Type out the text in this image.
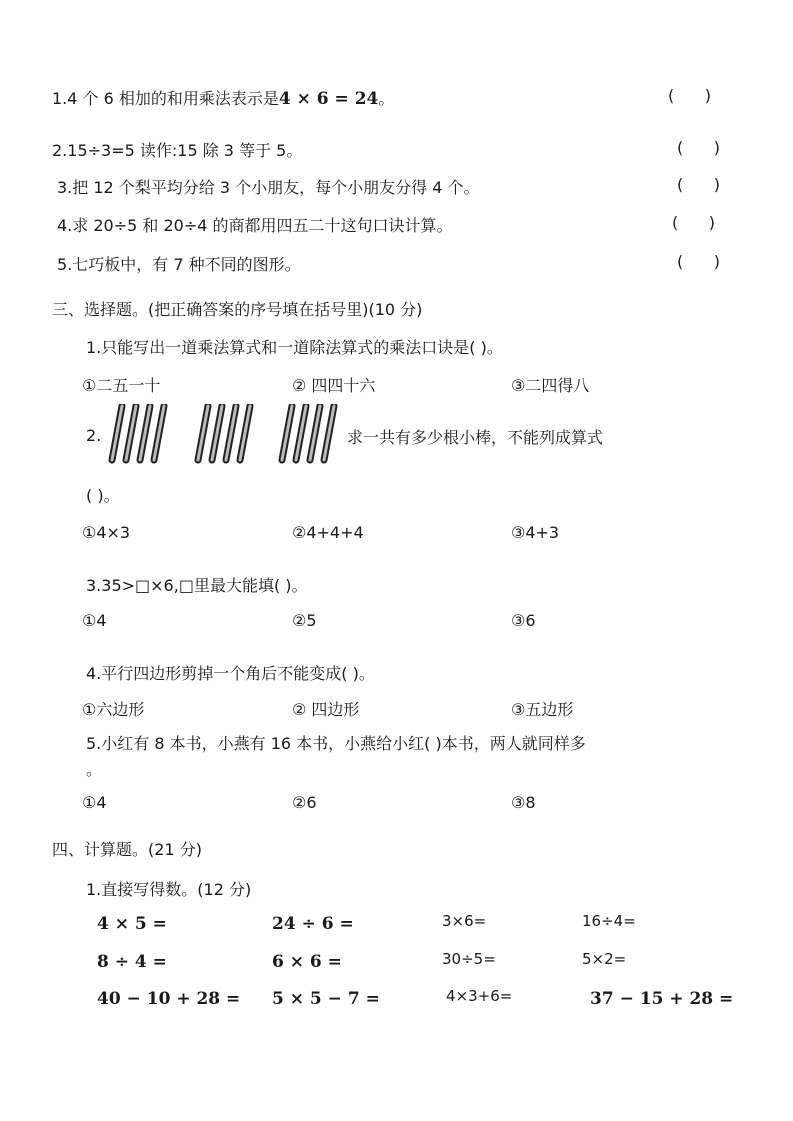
1.4 个 6 相加的和用乘法表示是4 × 6 = 24。	(      )
2.15÷3=5 读作:15 除 3 等于 5。	(      )
3.把 12 个梨平均分给 3 个小朋友，每个小朋友分得 4 个。	(      )
4.求 20÷5 和 20÷4 的商都用四五二十这句口诀计算。	(      )
5.七巧板中，有 7 种不同的图形。	(      )
三、选择题。(把正确答案的序号填在括号里)(10 分)
1.只能写出一道乘法算式和一道除法算式的乘法口诀是( )。
①二五一十	② 四四十六	③二四得八
2.	求一共有多少根小棒，不能列成算式
( )。
①4×3	②4+4+4	③4+3
3.35>□×6,□里最大能填( )。
①4	②5	③6
4.平行四边形剪掉一个角后不能变成( )。
①六边形	② 四边形	③五边形
5.小红有 8 本书，小燕有 16 本书，小燕给小红( )本书，两人就同样多
。
①4	②6	③8
四、计算题。(21 分)
1.直接写得数。(12 分)
4 × 5 =	24 ÷ 6 =	3×6=	16÷4=
8 ÷ 4 =	6 × 6 =	30÷5=	5×2=
40 − 10 + 28 = 5 × 5 − 7 =	4×3+6=	37 − 15 + 28 =
